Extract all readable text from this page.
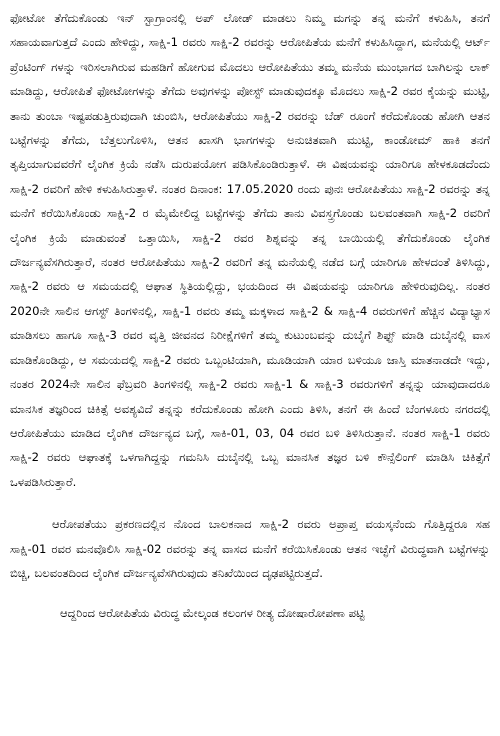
ಫೋಟೋ ತೆಗೆದುಕೊಂಡು ಇನ್ ಸ್ಟಾಗ್ರಾಂನಲ್ಲಿ ಅಪ್ ಲೋಡ್ ಮಾಡಲು ನಿಮ್ಮ ಮಗನ್ನು ತನ್ನ ಮನೆಗೆ ಕಳುಹಿಸಿ, ತನಗೆ ಸಹಾಯವಾಗುತ್ತದೆ ಎಂದು ಹೇಳಿದ್ದು, ಸಾಕ್ಷಿ-1 ರವರು ಸಾಕ್ಷಿ-2 ರವರನ್ನು ಆರೋಪಿತೆಯ ಮನೆಗೆ ಕಳುಹಿಸಿದ್ದಾಗ, ಮನೆಯಲ್ಲಿ ಆರ್ಟ್ ಪ್ರೆಂಟಿಂಗ್ ಗಳನ್ನು ಇರಿಸಲಾಗಿರುವ ಮಹಡಿಗೆ ಹೋಗುವ ಮೊದಲು ಆರೋಪಿತೆಯು ತಮ್ಮ ಮನೆಯ ಮುಂಭಾಗದ ಬಾಗಿಲನ್ನು ಲಾಕ್ ಮಾಡಿದ್ದು, ಆರೋಪಿತೆ ಫೋಟೋಗಳನ್ನು ತೆಗೆದು ಅವುಗಳನ್ನು ಪೋಸ್ಟ್ ಮಾಡುವುದಕ್ಕೂ ಮೊದಲು ಸಾಕ್ಷಿ-2 ರವರ ಕೈಯನ್ನು ಮುಟ್ಟಿ, ತಾನು ತುಂಬಾ ಇಷ್ಟಪಡುತ್ತಿರುವುದಾಗಿ ಚುಂಬಿಸಿ, ಆರೋಪಿತೆಯು ಸಾಕ್ಷಿ-2 ರವರನ್ನು ಬೆಡ್ ರೂಂಗೆ ಕರೆದುಕೊಂಡು ಹೋಗಿ ಆತನ ಬಟ್ಟೆಗಳನ್ನು ತೆಗೆದು, ಬೆತ್ತಲುಗೊಳಿಸಿ, ಆತನ ಖಾಸಗಿ ಭಾಗಗಳನ್ನು ಅನುಚಿತವಾಗಿ ಮುಟ್ಟಿ, ಕಾಂಡೋಮ್ ಹಾಕಿ ತನಗೆ ತೃಪ್ತಿಯಾಗುವವರೆಗೆ ಲೈಂಗಿಕ ಕ್ರಿಯೆ ನಡೆಸಿ ದುರುಪಯೋಗ ಪಡಿಸಿಕೊಂಡಿರುತ್ತಾಳೆ. ಈ ವಿಷಯವನ್ನು ಯಾರಿಗೂ ಹೇಳಕೂಡದೆಂದು ಸಾಕ್ಷಿ-2 ರವರಿಗೆ ಹೇಳಿ ಕಳುಹಿಸಿರುತ್ತಾಳೆ. ನಂತರ ದಿನಾಂಕ: 17.05.2020 ರಂದು ಪುನಃ ಆರೋಪಿತೆಯು ಸಾಕ್ಷಿ-2 ರವರನ್ನು ತನ್ನ ಮನೆಗೆ ಕರೆಯಿಸಿಕೊಂಡು ಸಾಕ್ಷಿ-2 ರ ಮೈಮೇಲಿದ್ದ ಬಟ್ಟೆಗಳನ್ನು ತೆಗೆದು ತಾನು ವಿವಸ್ತ್ರಗೊಂಡು ಬಲವಂತವಾಗಿ ಸಾಕ್ಷಿ-2 ರವರಿಗೆ ಲೈಂಗಿಕ ಕ್ರಿಯೆ ಮಾಡುವಂತೆ ಒತ್ತಾಯಿಸಿ, ಸಾಕ್ಷಿ-2 ರವರ ಶಿಶ್ನವನ್ನು ತನ್ನ ಬಾಯಿಯಲ್ಲಿ ತೆಗೆದುಕೊಂಡು ಲೈಂಗಿಕ ದೌರ್ಜನ್ಯವೆಸಗಿರುತ್ತಾರೆ, ನಂತರ ಆರೋಪಿತೆಯು ಸಾಕ್ಷಿ-2 ರವರಿಗೆ ತನ್ನ ಮನೆಯಲ್ಲಿ ನಡೆದ ಬಗ್ಗೆ ಯಾರಿಗೂ ಹೇಳದಂತೆ ತಿಳಿಸಿದ್ದು, ಸಾಕ್ಷಿ-2 ರವರು ಆ ಸಮಯದಲ್ಲಿ ಆಘಾತ ಸ್ಥಿತಿಯಲ್ಲಿದ್ದು, ಭಯದಿಂದ ಈ ವಿಷಯವನ್ನು ಯಾರಿಗೂ ಹೇಳಿರುವುದಿಲ್ಲ. ನಂತರ 2020ನೇ ಸಾಲಿನ ಆಗಸ್ಟ್ ತಿಂಗಳಿನಲ್ಲಿ, ಸಾಕ್ಷಿ-1 ರವರು ತಮ್ಮ ಮಕ್ಕಳಾದ ಸಾಕ್ಷಿ-2 & ಸಾಕ್ಷಿ-4 ರವರುಗಳಿಗೆ ಹೆಚ್ಚಿನ ವಿದ್ಯಾಭ್ಯಾಸ ಮಾಡಿಸಲು ಹಾಗೂ ಸಾಕ್ಷಿ-3 ರವರ ವೃತ್ತಿ ಜೀವನದ ನಿರೀಕ್ಷೆಗಳಿಗೆ ತಮ್ಮ ಕುಟುಂಬವನ್ನು ದುಬೈಗೆ ಶಿಫ್ಟ್ ಮಾಡಿ ದುಬೈನಲ್ಲಿ ವಾಸ ಮಾಡಿಕೊಂಡಿದ್ದು, ಆ ಸಮಯದಲ್ಲಿ ಸಾಕ್ಷಿ-2 ರವರು ಒಬ್ಬಂಟಿಯಾಗಿ, ಮೂಡಿಯಾಗಿ ಯಾರ ಬಳಿಯೂ ಜಾಸ್ತಿ ಮಾತನಾಡದೇ ಇದ್ದು, ನಂತರ 2024ನೇ ಸಾಲಿನ ಫೆಬ್ರವರಿ ತಿಂಗಳಿನಲ್ಲಿ ಸಾಕ್ಷಿ-2 ರವರು ಸಾಕ್ಷಿ-1 & ಸಾಕ್ಷಿ-3 ರವರುಗಳಿಗೆ ತನ್ನನ್ನು ಯಾವುದಾದರೂ ಮಾನಸಿಕ ತಜ್ಞರಿಂದ ಚಿಕಿತ್ಸೆ ಅವಶ್ಯವಿದೆ ತನ್ನನ್ನು ಕರೆದುಕೊಂಡು ಹೋಗಿ ಎಂದು ತಿಳಿಸಿ, ತನಗೆ ಈ ಹಿಂದೆ ಬೆಂಗಳೂರು ನಗರದಲ್ಲಿ ಆರೋಪಿತೆಯು ಮಾಡಿದ ಲೈಂಗಿಕ ದೌರ್ಜನ್ಯದ ಬಗ್ಗೆ, ಸಾಕಿ-01, 03, 04 ರವರ ಬಳಿ ತಿಳಿಸಿರುತ್ತಾನೆ. ನಂತರ ಸಾಕ್ಷಿ-1 ರವರು ಸಾಕ್ಷಿ-2 ರವರು ಆಘಾತಕ್ಕೆ ಒಳಗಾಗಿದ್ದನ್ನು ಗಮನಿಸಿ ದುಬೈನಲ್ಲಿ ಒಬ್ಬ ಮಾನಸಿಕ ತಜ್ಞರ ಬಳಿ ಕೌನ್ಸೆಲಿಂಗ್ ಮಾಡಿಸಿ ಚಿಕಿತ್ಸೆಗೆ ಒಳಪಡಿಸಿರುತ್ತಾರೆ.

ಆರೋಪತೆಯು ಪ್ರಕರಣದಲ್ಲಿನ ನೊಂದ ಬಾಲಕನಾದ ಸಾಕ್ಷಿ-2 ರವರು ಅಪ್ರಾಪ್ತ ವಯಸ್ಕನೆಂದು ಗೊತ್ತಿದ್ದರೂ ಸಹ ಸಾಕ್ಷಿ-01 ರವರ ಮನವೊಲಿಸಿ ಸಾಕ್ಷಿ-02 ರವರನ್ನು ತನ್ನ ವಾಸದ ಮನೆಗೆ ಕರೆಯಿಸಿಕೊಂಡು ಆತನ ಇಚ್ಛೆಗೆ ವಿರುದ್ಧವಾಗಿ ಬಟ್ಟೆಗಳನ್ನು ಬಿಚ್ಚಿ, ಬಲವಂತದಿಂದ ಲೈಂಗಿಕ ದೌರ್ಜನ್ಯವೆಸಗಿರುವುದು ತನಿಖೆಯಿಂದ ದೃಢಪಟ್ಟಿರುತ್ತದೆ.

ಆದ್ದರಿಂದ ಆರೋಪಿತೆಯ ವಿರುದ್ಧ ಮೇಲ್ಕಂಡ ಕಲಂಗಳ ರೀತ್ಯ ದೋಷಾರೋಪಣಾ ಪಟ್ಟಿ
